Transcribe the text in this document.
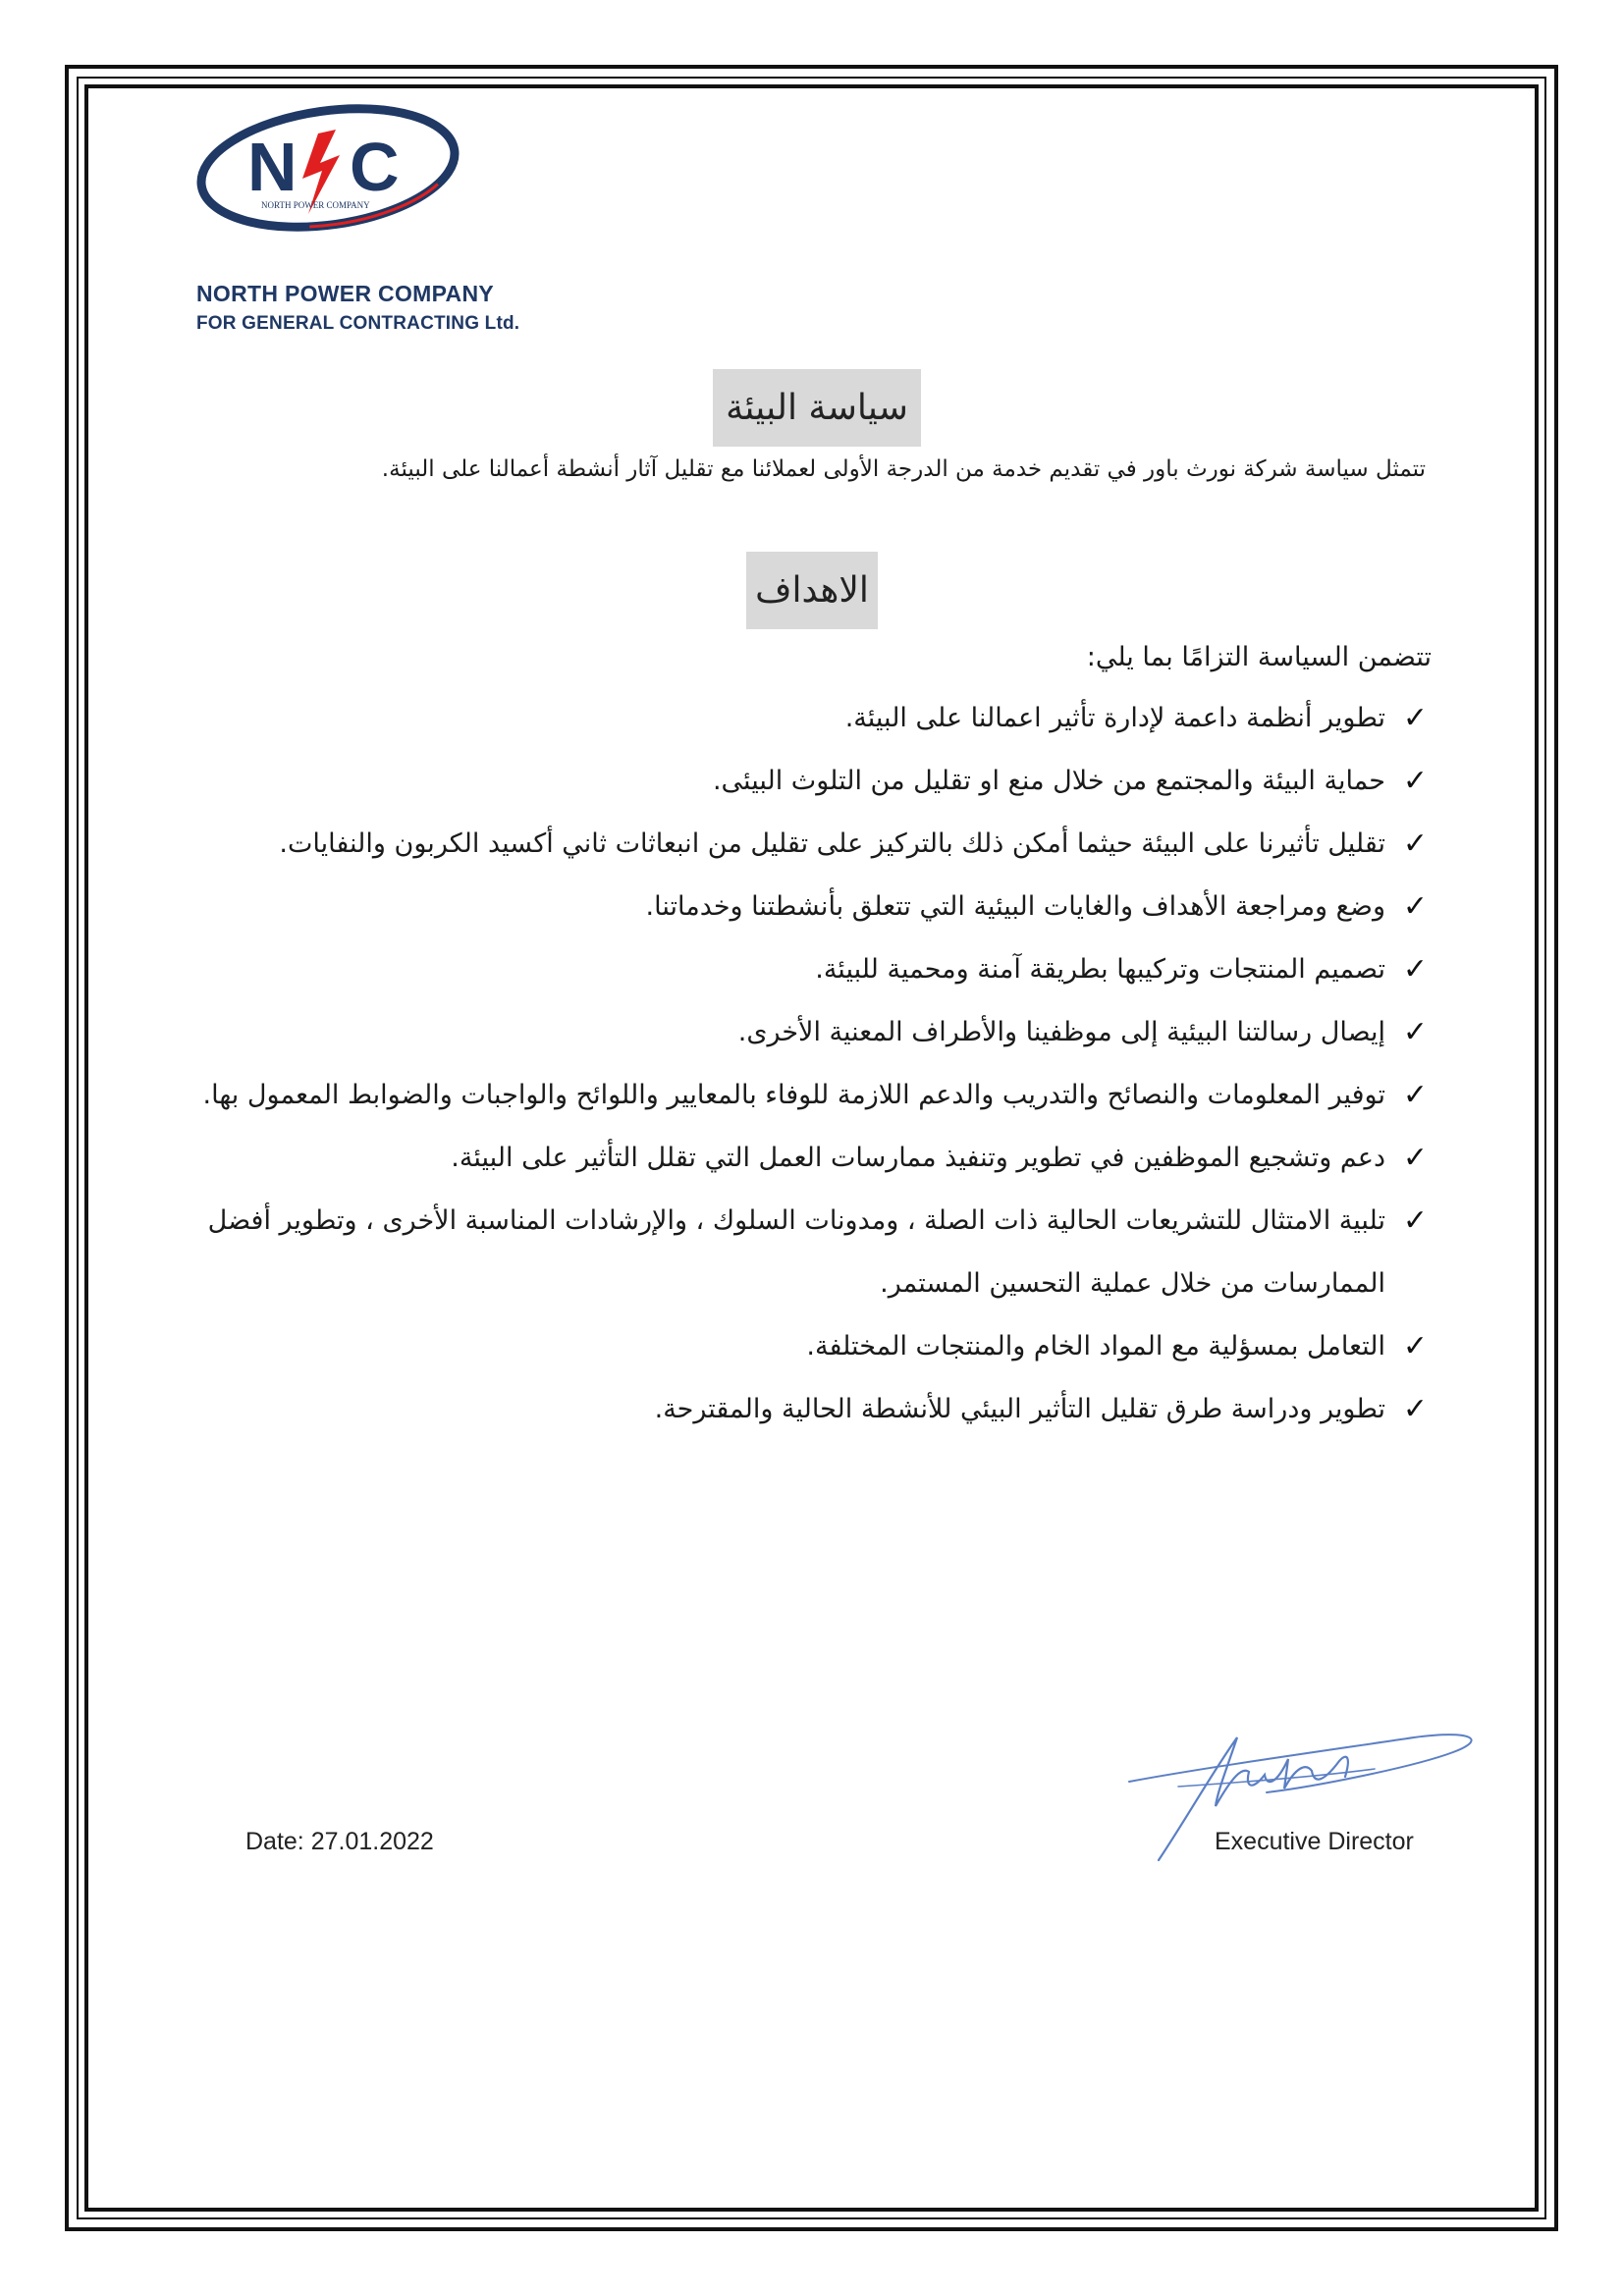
N C
NORTH POWER COMPANY
NORTH POWER COMPANY
FOR GENERAL CONTRACTING Ltd.
سياسة البيئة
تتمثل سياسة شركة نورث باور في تقديم خدمة من الدرجة الأولى لعملائنا مع تقليل آثار أنشطة أعمالنا على البيئة.
الاهداف
تتضمن السياسة التزامًا بما يلي:
✓
تطوير أنظمة داعمة لإدارة تأثير اعمالنا على البيئة.
✓
حماية البيئة والمجتمع من خلال منع او تقليل من التلوث البيئى.
✓
تقليل تأثيرنا على البيئة حيثما أمكن ذلك بالتركيز على تقليل من انبعاثات ثاني أكسيد الكربون والنفايات.
✓
وضع ومراجعة الأهداف والغايات البيئية التي تتعلق بأنشطتنا وخدماتنا.
✓
تصميم المنتجات وتركيبها بطريقة آمنة ومحمية للبيئة.
✓
إيصال رسالتنا البيئية إلى موظفينا والأطراف المعنية الأخرى.
✓
توفير المعلومات والنصائح والتدريب والدعم اللازمة للوفاء بالمعايير واللوائح والواجبات والضوابط المعمول بها.
✓
دعم وتشجيع الموظفين في تطوير وتنفيذ ممارسات العمل التي تقلل التأثير على البيئة.
✓
تلبية الامتثال للتشريعات الحالية ذات الصلة ، ومدونات السلوك ، والإرشادات المناسبة الأخرى ، وتطوير أفضل الممارسات من خلال عملية التحسين المستمر.
✓
التعامل بمسؤلية مع المواد الخام والمنتجات المختلفة.
✓
تطوير ودراسة طرق تقليل التأثير البيئي للأنشطة الحالية والمقترحة.
Date: 27.01.2022	Executive Director
